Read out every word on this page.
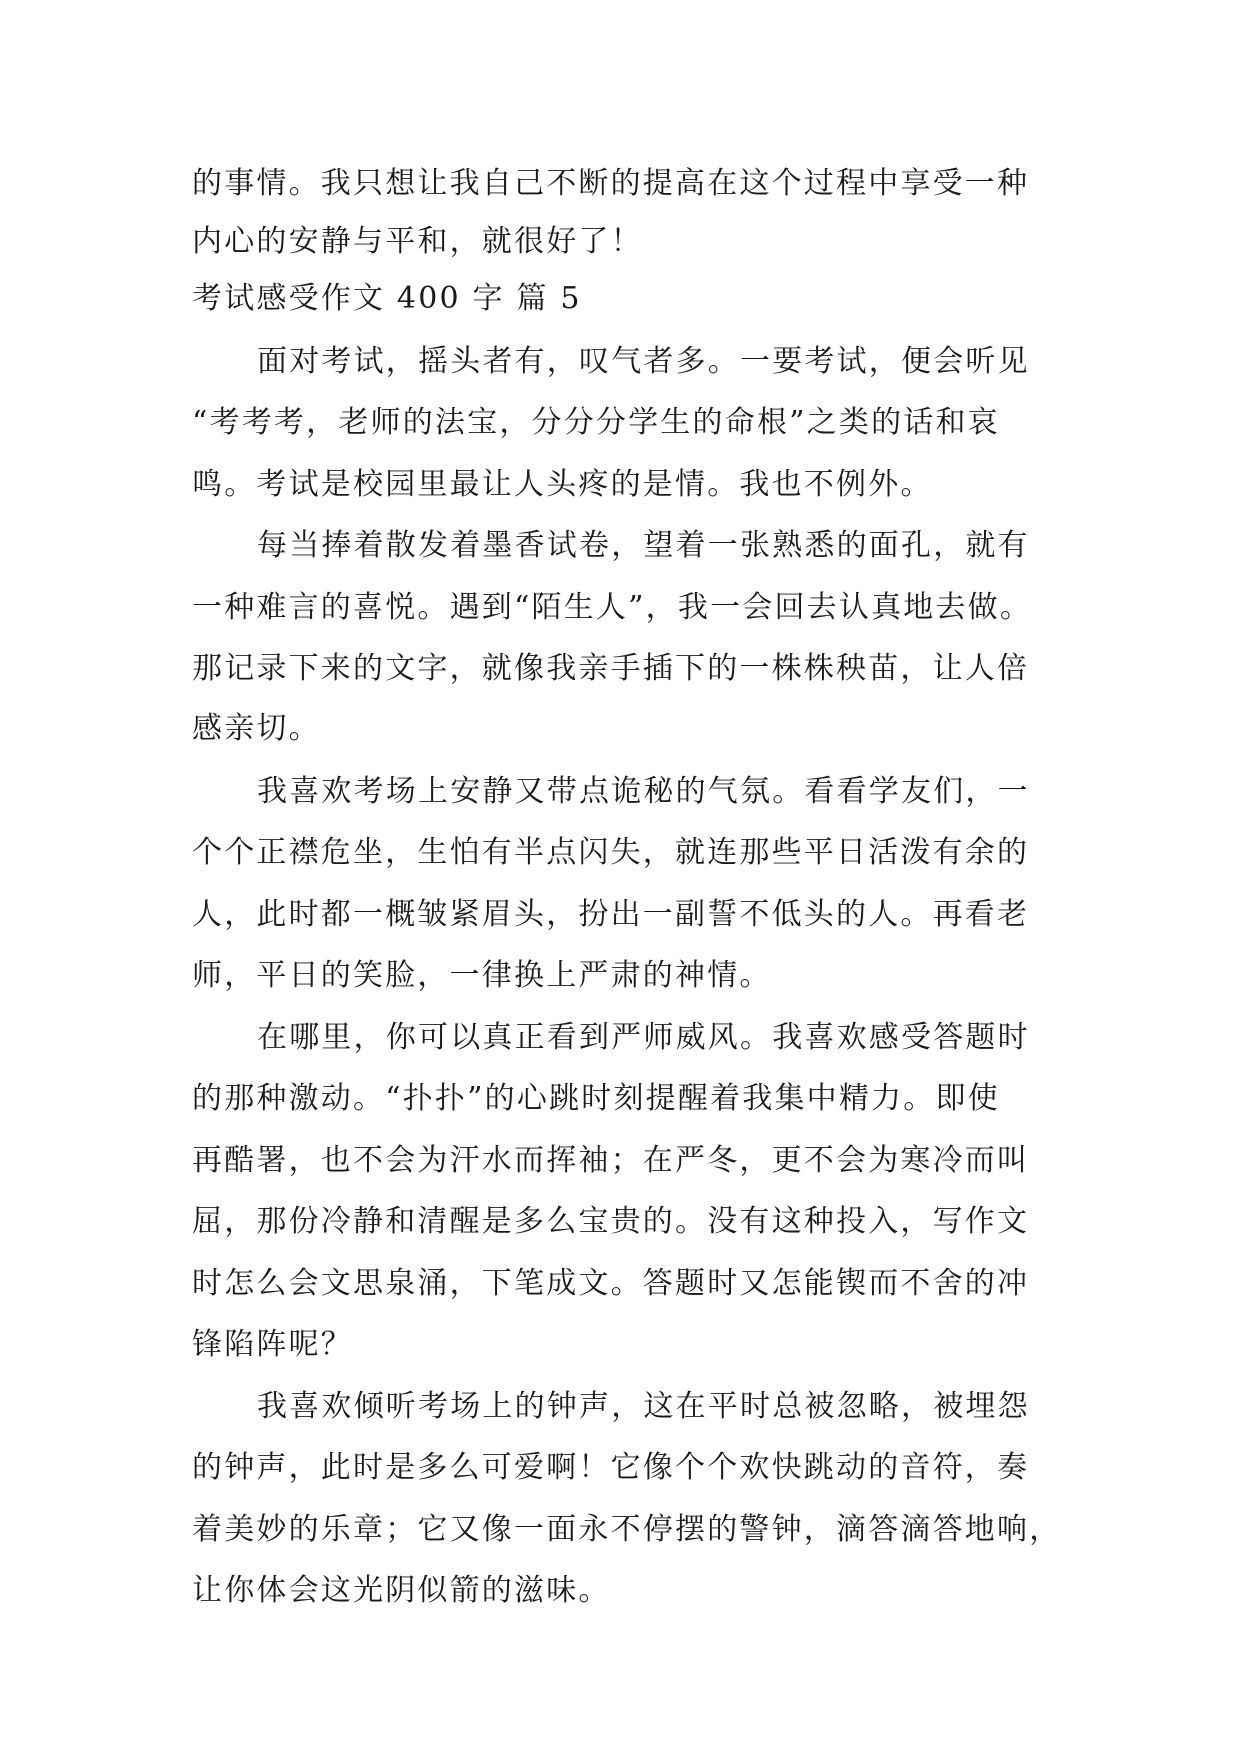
的事情。我只想让我自己不断的提高在这个过程中享受一种
内心的安静与平和，就很好了！
考试感受作文 400 字 篇 5
面对考试，摇头者有，叹气者多。一要考试，便会听见
“考考考，老师的法宝，分分分学生的命根”之类的话和哀
鸣。考试是校园里最让人头疼的是情。我也不例外。
每当捧着散发着墨香试卷，望着一张熟悉的面孔，就有
一种难言的喜悦。遇到“陌生人”，我一会回去认真地去做。
那记录下来的文字，就像我亲手插下的一株株秧苗，让人倍
感亲切。
我喜欢考场上安静又带点诡秘的气氛。看看学友们，一
个个正襟危坐，生怕有半点闪失，就连那些平日活泼有余的
人，此时都一概皱紧眉头，扮出一副誓不低头的人。再看老
师，平日的笑脸，一律换上严肃的神情。
在哪里，你可以真正看到严师威风。我喜欢感受答题时
的那种激动。“扑扑”的心跳时刻提醒着我集中精力。即使
再酷署，也不会为汗水而挥袖；在严冬，更不会为寒冷而叫
屈，那份冷静和清醒是多么宝贵的。没有这种投入，写作文
时怎么会文思泉涌，下笔成文。答题时又怎能锲而不舍的冲
锋陷阵呢？
我喜欢倾听考场上的钟声，这在平时总被忽略，被埋怨
的钟声，此时是多么可爱啊！它像个个欢快跳动的音符，奏
着美妙的乐章；它又像一面永不停摆的警钟，滴答滴答地响，
让你体会这光阴似箭的滋味。
